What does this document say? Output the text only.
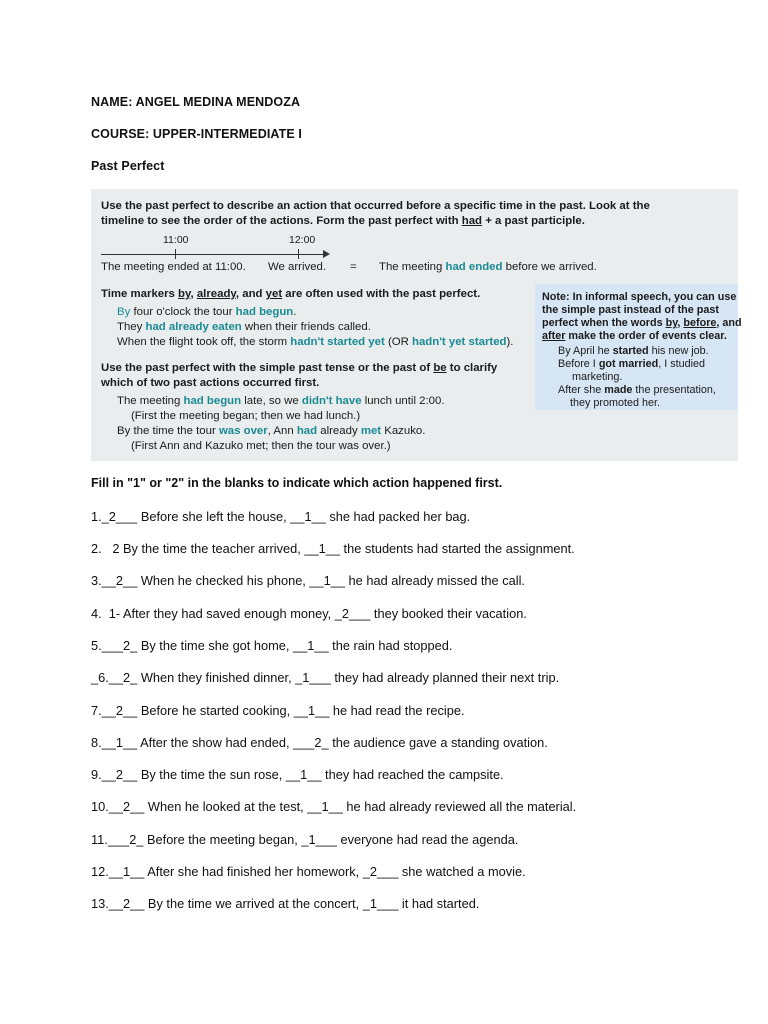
NAME: ANGEL MEDINA MENDOZA
COURSE: UPPER-INTERMEDIATE I
Past Perfect
Use the past perfect to describe an action that occurred before a specific time in the past. Look at the
timeline to see the order of the actions. Form the past perfect with had + a past participle.
11:00	12:00
The meeting ended at 11:00. We arrived. = The meeting had ended before we arrived.
Time markers by, already, and yet are often used with the past perfect.
By four o'clock the tour had begun.
They had already eaten when their friends called.
When the flight took off, the storm hadn't started yet (OR hadn't yet started).
Use the past perfect with the simple past tense or the past of be to clarify
which of two past actions occurred first.
The meeting had begun late, so we didn't have lunch until 2:00.
(First the meeting began; then we had lunch.)
By the time the tour was over, Ann had already met Kazuko.
(First Ann and Kazuko met; then the tour was over.)
Note: In informal speech, you can use
the simple past instead of the past
perfect when the words by, before, and
after make the order of events clear.
By April he started his new job.
Before I got married, I studied
marketing.
After she made the presentation,
they promoted her.
Fill in "1" or "2" in the blanks to indicate which action happened first.
1._2___ Before she left the house, __1__ she had packed her bag.
2.   2 By the time the teacher arrived, __1__ the students had started the assignment.
3.__2__ When he checked his phone, __1__ he had already missed the call.
4.  1- After they had saved enough money, _2___ they booked their vacation.
5.___2_ By the time she got home, __1__ the rain had stopped.
_6.__2_ When they finished dinner, _1___ they had already planned their next trip.
7.__2__ Before he started cooking, __1__ he had read the recipe.
8.__1__ After the show had ended, ___2_ the audience gave a standing ovation.
9.__2__ By the time the sun rose, __1__ they had reached the campsite.
10.__2__ When he looked at the test, __1__ he had already reviewed all the material.
11.___2_ Before the meeting began, _1___ everyone had read the agenda.
12.__1__ After she had finished her homework, _2___ she watched a movie.
13.__2__ By the time we arrived at the concert, _1___ it had started.
